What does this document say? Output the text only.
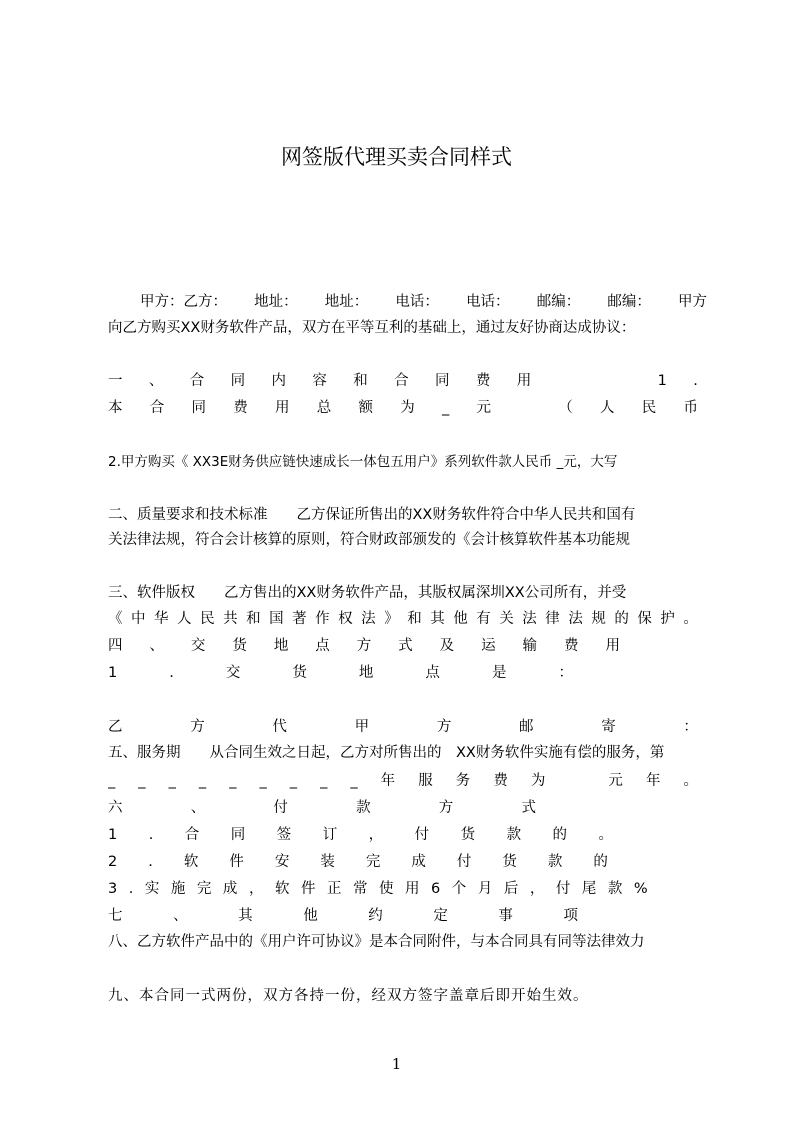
网签版代理买卖合同样式
甲方：乙方： 地址： 地址： 电话： 电话： 邮编： 邮编： 甲方
向乙方购买XX财务软件产品，双方在平等互利的基础上，通过友好协商达成协议：
一 、 合 同 内 容 和 合 同 费 用	1 .
本 合 同 费 用 总 额 为 _ 元	（ 人 民 币
2.甲方购买《 XX3E财务供应链快速成长一体包五用户》系列软件款人民币 _元，大写
二、质量要求和技术标准　　乙方保证所售出的XX财务软件符合中华人民共和国有
关法律法规，符合会计核算的原则，符合财政部颁发的《会计核算软件基本功能规
三、软件版权　　乙方售出的XX财务软件产品，其版权属深圳XX公司所有，并受
《 中 华 人 民 共 和 国 著 作 权 法 》 和 其 他 有 关 法 律 法 规 的 保 护 。
四 、 交 货 地 点 方 式 及 运 输 费 用
1	.	交	货	地	点	是	：
乙	方	代	甲	方	邮	寄	：
五、服务期　　从合同生效之日起，乙方对所售出的　XX财务软件实施有偿的服务，第
_ _ _ _ _ _ _ _ _ 年 服 务 费 为	元 年 。
六	、	付	款	方	式
1 . 合 同 签 订 ， 付 货 款 的 。
2 . 软 件 安 装 完 成 付 货 款 的
3 . 实 施 完 成 ， 软 件 正 常 使 用 6 个 月 后 ， 付 尾 款 %
七	、	其	他	约	定	事	项
八、乙方软件产品中的《用户许可协议》是本合同附件，与本合同具有同等法律效力
九、本合同一式两份，双方各持一份，经双方签字盖章后即开始生效。
1
